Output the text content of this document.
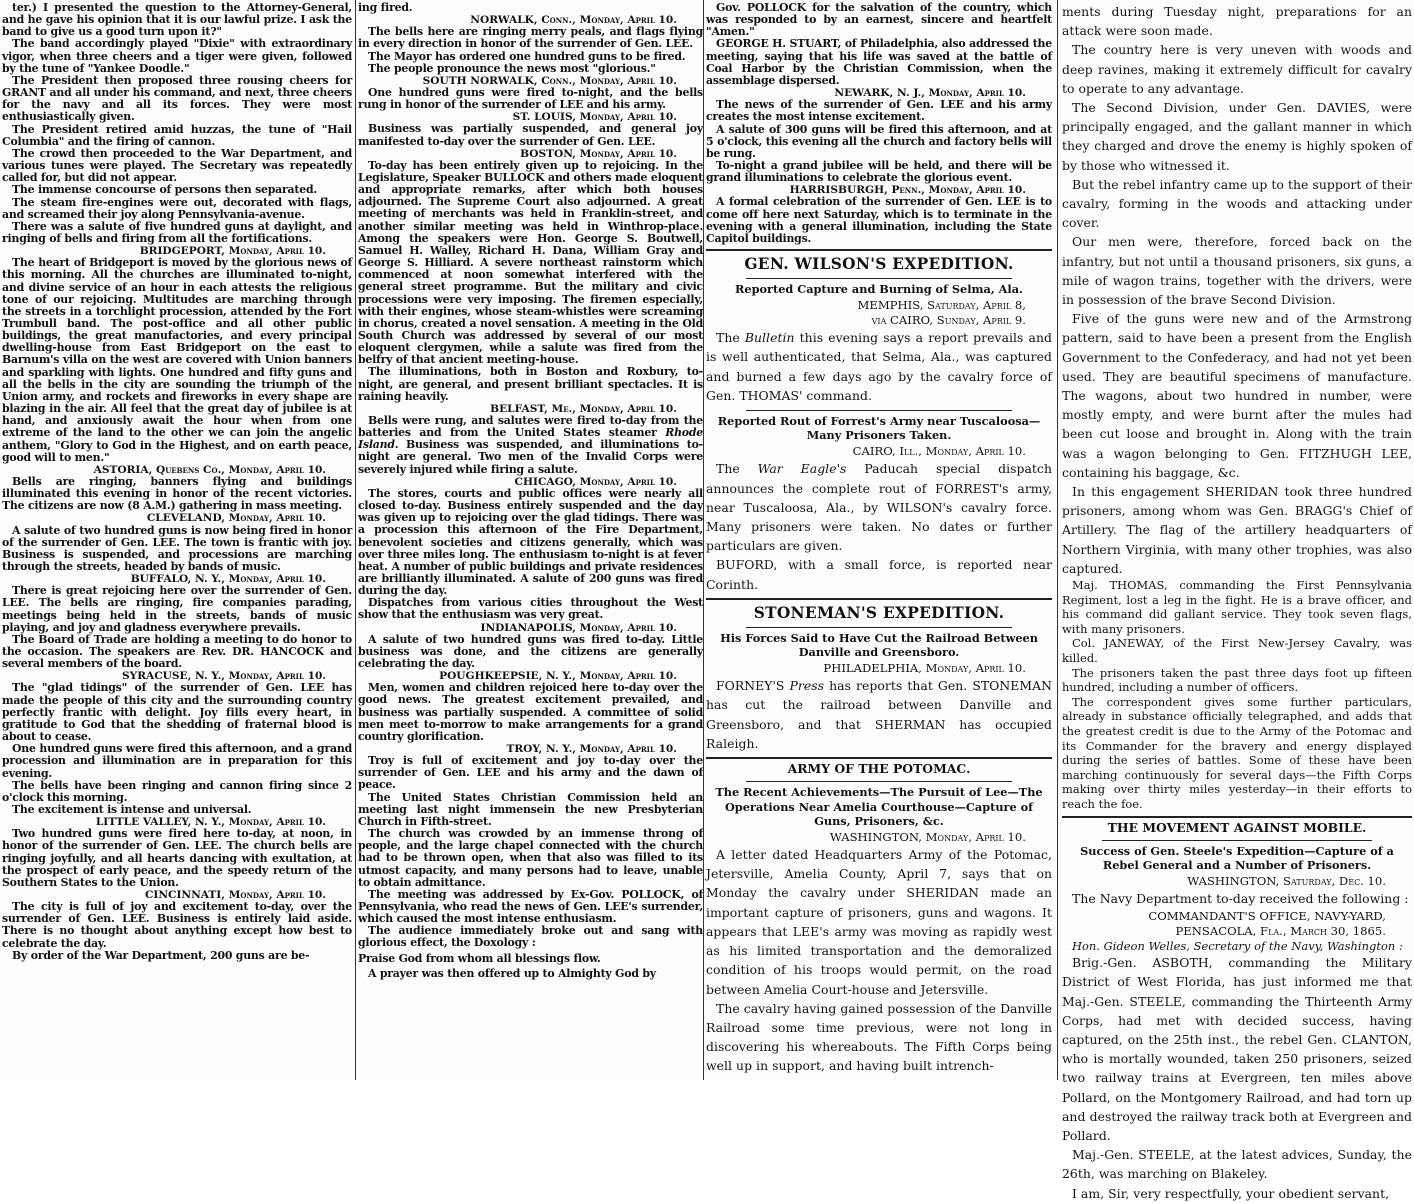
ter.) I presented the question to the Attorney-General, and he gave his opinion that it is our lawful prize. I ask the band to give us a good turn upon it?"

The band accordingly played "Dixie" with extraordinary vigor, when three cheers and a tiger were given, followed by the tune of "Yankee Doodle."

The President then proposed three rousing cheers for GRANT and all under his command, and next, three cheers for the navy and all its forces. They were most enthusiastically given.

The President retired amid huzzas, the tune of "Hail Columbia" and the firing of cannon.

The crowd then proceeded to the War Department, and various tunes were played. The Secretary was repeatedly called for, but did not appear.

The immense concourse of persons then separated.

The steam fire-engines were out, decorated with flags, and screamed their joy along Pennsylvania-avenue.

There was a salute of five hundred guns at daylight, and ringing of bells and firing from all the fortifications.

BRIDGEPORT, Monday, April 10.

The heart of Bridgeport is moved by the glorious news of this morning. All the churches are illuminated to-night, and divine service of an hour in each attests the religious tone of our rejoicing. Multitudes are marching through the streets in a torchlight procession, attended by the Fort Trumbull band. The post-office and all other public buildings, the great manufactories, and every principal dwelling-house from East Bridgeport on the east to Barnum's villa on the west are covered with Union banners and sparkling with lights. One hundred and fifty guns and all the bells in the city are sounding the triumph of the Union army, and rockets and fireworks in every shape are blazing in the air. All feel that the great day of jubilee is at hand, and anxiously await the hour when from one extreme of the land to the other we can join the angelic anthem, "Glory to God in the Highest, and on earth peace, good will to men."

ASTORIA, Quebens Co., Monday, April 10.

Bells are ringing, banners flying and buildings illuminated this evening in honor of the recent victories. The citizens are now (8 A.M.) gathering in mass meeting.

CLEVELAND, Monday, April 10.

A salute of two hundred guns is now being fired in honor of the surrender of Gen. LEE. The town is frantic with joy. Business is suspended, and processions are marching through the streets, headed by bands of music.

BUFFALO, N. Y., Monday, April 10.

There is great rejoicing here over the surrender of Gen. LEE. The bells are ringing, fire companies parading, meetings being held in the streets, bands of music playing, and joy and gladness everywhere prevails.

The Board of Trade are holding a meeting to do honor to the occasion. The speakers are Rev. DR. HANCOCK and several members of the board.

SYRACUSE, N. Y., Monday, April 10.

The "glad tidings" of the surrender of Gen. LEE has made the people of this city and the surrounding country perfectly frantic with delight. Joy fills every heart, in gratitude to God that the shedding of fraternal blood is about to cease.

One hundred guns were fired this afternoon, and a grand procession and illumination are in preparation for this evening.

The bells have been ringing and cannon firing since 2 o'clock this morning.

The excitement is intense and universal.

LITTLE VALLEY, N. Y., Monday, April 10.

Two hundred guns were fired here to-day, at noon, in honor of the surrender of Gen. LEE. The church bells are ringing joyfully, and all hearts dancing with exultation, at the prospect of early peace, and the speedy return of the Southern States to the Union.

CINCINNATI, Monday, April 10.

The city is full of joy and excitement to-day, over the surrender of Gen. LEE. Business is entirely laid aside. There is no thought about anything except how best to celebrate the day.

By order of the War Department, 200 guns are be-

ing fired.

NORWALK, Conn., Monday, April 10.

The bells here are ringing merry peals, and flags flying in every direction in honor of the surrender of Gen. LEE.

The Mayor has ordered one hundred guns to be fired.

The people pronounce the news most "glorious."

SOUTH NORWALK, Conn., Monday, April 10.

One hundred guns were fired to-night, and the bells rung in honor of the surrender of LEE and his army.

ST. LOUIS, Monday, April 10.

Business was partially suspended, and general joy manifested to-day over the surrender of Gen. LEE.

BOSTON, Monday, April 10.

To-day has been entirely given up to rejoicing. In the Legislature, Speaker BULLOCK and others made eloquent and appropriate remarks, after which both houses adjourned. The Supreme Court also adjourned. A great meeting of merchants was held in Franklin-street, and another similar meeting was held in Winthrop-place. Among the speakers were Hon. George S. Boutwell, Samuel H. Walley, Richard H. Dana, William Gray and George S. Hilliard. A severe northeast rainstorm which commenced at noon somewhat interfered with the general street programme. But the military and civic processions were very imposing. The firemen especially, with their engines, whose steam-whistles were screaming in chorus, created a novel sensation. A meeting in the Old South Church was addressed by several of our most eloquent clergymen, while a salute was fired from the belfry of that ancient meeting-house.

The illuminations, both in Boston and Roxbury, to-night, are general, and present brilliant spectacles. It is raining heavily.

BELFAST, Me., Monday, April 10.

Bells were rung, and salutes were fired to-day from the batteries and from the United States steamer Rhode Island. Business was suspended, and illuminations to-night are general. Two men of the Invalid Corps were severely injured while firing a salute.

CHICAGO, Monday, April 10.

The stores, courts and public offices were nearly all closed to-day. Business entirely suspended and the day was given up to rejoicing over the glad tidings. There was a procession this afternoon of the Fire Department, benevolent societies and citizens generally, which was over three miles long. The enthusiasm to-night is at fever heat. A number of public buildings and private residences are brilliantly illuminated. A salute of 200 guns was fired during the day.

Dispatches from various cities throughout the West show that the enthusiasm was very great.

INDIANAPOLIS, Monday, April 10.

A salute of two hundred guns was fired to-day. Little business was done, and the citizens are generally celebrating the day.

POUGHKEEPSIE, N. Y., Monday, April 10.

Men, women and children rejoiced here to-day over the good news. The greatest excitement prevailed, and business was partially suspended. A committee of solid men meet to-morrow to make arrangements for a grand country glorification.

TROY, N. Y., Monday, April 10.

Troy is full of excitement and joy to-day over the surrender of Gen. LEE and his army and the dawn of peace.

The United States Christian Commission held an meeting last night immensein the new Presbyterian Church in Fifth-street.

The church was crowded by an immense throng of people, and the large chapel connected with the church had to be thrown open, when that also was filled to its utmost capacity, and many persons had to leave, unable to obtain admittance.

The meeting was addressed by Ex-Gov. POLLOCK, of Pennsylvania, who read the news of Gen. LEE's surrender, which caused the most intense enthusiasm.

The audience immediately broke out and sang with glorious effect, the Doxology :

Praise God from whom all blessings flow.

A prayer was then offered up to Almighty God by

Gov. POLLOCK for the salvation of the country, which was responded to by an earnest, sincere and heartfelt "Amen."

GEORGE H. STUART, of Philadelphia, also addressed the meeting, saying that his life was saved at the battle of Coal Harbor by the Christian Commission, when the assemblage dispersed.

NEWARK, N. J., Monday, April 10.

The news of the surrender of Gen. LEE and his army creates the most intense excitement.

A salute of 300 guns will be fired this afternoon, and at 5 o'clock, this evening all the church and factory bells will be rung.

To-night a grand jubilee will be held, and there will be grand illuminations to celebrate the glorious event.

HARRISBURGH, Penn., Monday, April 10.

A formal celebration of the surrender of Gen. LEE is to come off here next Saturday, which is to terminate in the evening with a general illumination, including the State Capitol buildings.

GEN. WILSON'S EXPEDITION.
Reported Capture and Burning of Selma, Ala.
MEMPHIS, Saturday, April 8,
via CAIRO, Sunday, April 9.

The Bulletin this evening says a report prevails and is well authenticated, that Selma, Ala., was captured and burned a few days ago by the cavalry force of Gen. THOMAS' command.

Reported Rout of Forrest's Army near Tuscaloosa—Many Prisoners Taken.
CAIRO, Ill., Monday, April 10.

The War Eagle's Paducah special dispatch announces the complete rout of FORREST's army, near Tuscaloosa, Ala., by WILSON's cavalry force. Many prisoners were taken. No dates or further particulars are given.

BUFORD, with a small force, is reported near Corinth.

STONEMAN'S EXPEDITION.
His Forces Said to Have Cut the Railroad Between Danville and Greensboro.
PHILADELPHIA, Monday, April 10.

FORNEY'S Press has reports that Gen. STONEMAN has cut the railroad between Danville and Greensboro, and that SHERMAN has occupied Raleigh.

ARMY OF THE POTOMAC.
The Recent Achievements—The Pursuit of Lee—The Operations Near Amelia Courthouse—Capture of Guns, Prisoners, &c.
WASHINGTON, Monday, April 10.

A letter dated Headquarters Army of the Potomac, Jetersville, Amelia County, April 7, says that on Monday the cavalry under SHERIDAN made an important capture of prisoners, guns and wagons. It appears that LEE's army was moving as rapidly west as his limited transportation and the demoralized condition of his troops would permit, on the road between Amelia Court-house and Jetersville.

The cavalry having gained possession of the Danville Railroad some time previous, were not long in discovering his whereabouts. The Fifth Corps being well up in support, and having built intrench-

ments during Tuesday night, preparations for an attack were soon made.

The country here is very uneven with woods and deep ravines, making it extremely difficult for cavalry to operate to any advantage.

The Second Division, under Gen. DAVIES, were principally engaged, and the gallant manner in which they charged and drove the enemy is highly spoken of by those who witnessed it.

But the rebel infantry came up to the support of their cavalry, forming in the woods and attacking under cover.

Our men were, therefore, forced back on the infantry, but not until a thousand prisoners, six guns, a mile of wagon trains, together with the drivers, were in possession of the brave Second Division.

Five of the guns were new and of the Armstrong pattern, said to have been a present from the English Government to the Confederacy, and had not yet been used. They are beautiful specimens of manufacture. The wagons, about two hundred in number, were mostly empty, and were burnt after the mules had been cut loose and brought in. Along with the train was a wagon belonging to Gen. FITZHUGH LEE, containing his baggage, &c.

In this engagement SHERIDAN took three hundred prisoners, among whom was Gen. BRAGG's Chief of Artillery. The flag of the artillery headquarters of Northern Virginia, with many other trophies, was also captured.

Maj. THOMAS, commanding the First Pennsylvania Regiment, lost a leg in the fight. He is a brave officer, and his command did gallant service. They took seven flags, with many prisoners.

Col. JANEWAY, of the First New-Jersey Cavalry, was killed.

The prisoners taken the past three days foot up fifteen hundred, including a number of officers.

The correspondent gives some further particulars, already in substance officially telegraphed, and adds that the greatest credit is due to the Army of the Potomac and its Commander for the bravery and energy displayed during the series of battles. Some of these have been marching continuously for several days—the Fifth Corps making over thirty miles yesterday—in their efforts to reach the foe.

THE MOVEMENT AGAINST MOBILE.
Success of Gen. Steele's Expedition—Capture of a Rebel General and a Number of Prisoners.
WASHINGTON, Saturday, Dec. 10.

The Navy Department to-day received the following :

COMMANDANT'S OFFICE, NAVY-YARD,
PENSACOLA, Fla., March 30, 1865.

Hon. Gideon Welles, Secretary of the Navy, Washington :

Brig.-Gen. ASBOTH, commanding the Military District of West Florida, has just informed me that Maj.-Gen. STEELE, commanding the Thirteenth Army Corps, had met with decided success, having captured, on the 25th inst., the rebel Gen. CLANTON, who is mortally wounded, taken 250 prisoners, seized two railway trains at Evergreen, ten miles above Pollard, on the Montgomery Railroad, and had torn up and destroyed the railway track both at Evergreen and Pollard.

Maj.-Gen. STEELE, at the latest advices, Sunday, the 26th, was marching on Blakeley.

I am, Sir, very respectfully, your obedient servant,
